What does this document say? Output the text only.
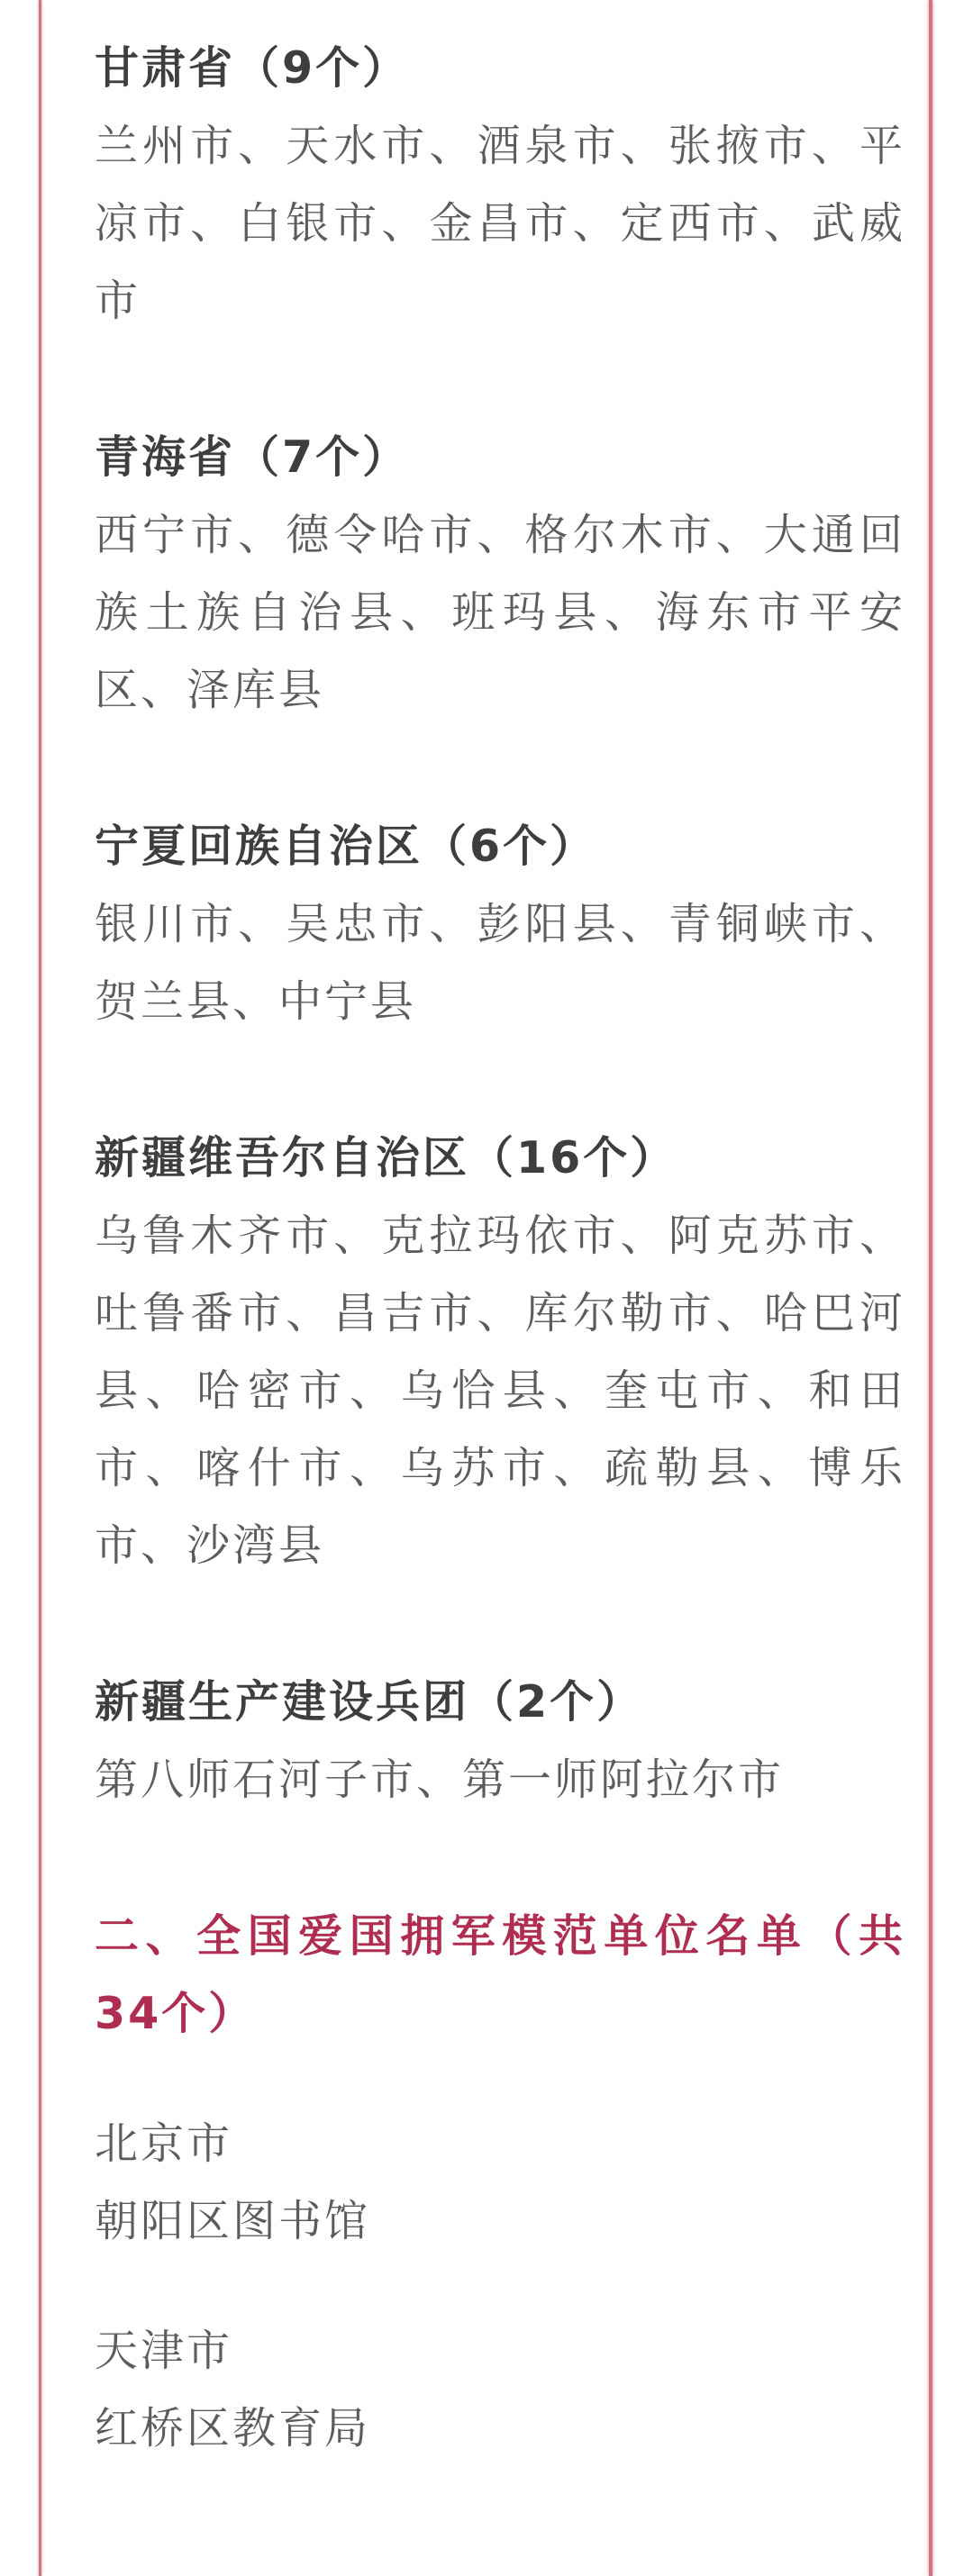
甘肃省（9个）

兰州市、天水市、酒泉市、张掖市、平凉市、白银市、金昌市、定西市、武威市

青海省（7个）

西宁市、德令哈市、格尔木市、大通回族土族自治县、班玛县、海东市平安区、泽库县

宁夏回族自治区（6个）

银川市、吴忠市、彭阳县、青铜峡市、贺兰县、中宁县

新疆维吾尔自治区（16个）

乌鲁木齐市、克拉玛依市、阿克苏市、吐鲁番市、昌吉市、库尔勒市、哈巴河县、哈密市、乌恰县、奎屯市、和田市、喀什市、乌苏市、疏勒县、博乐市、沙湾县

新疆生产建设兵团（2个）

第八师石河子市、第一师阿拉尔市

二、全国爱国拥军模范单位名单（共34个）

北京市

朝阳区图书馆

天津市

红桥区教育局
